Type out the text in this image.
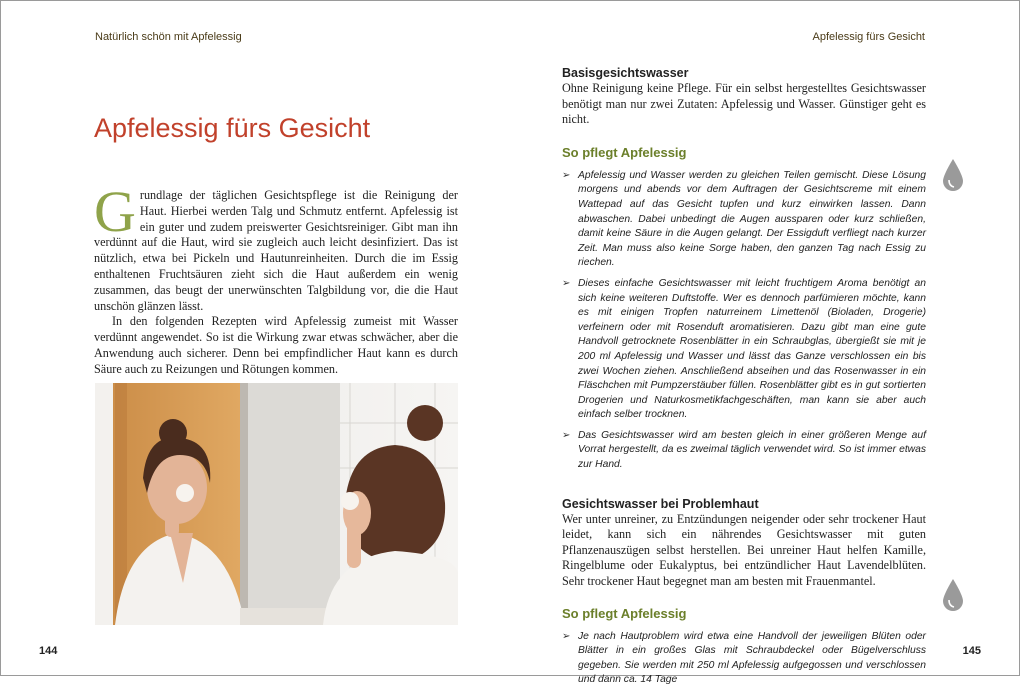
Natürlich schön mit Apfelessig	Apfelessig fürs Gesicht
Apfelessig fürs Gesicht

Grundlage der täglichen Gesichtspflege ist die Reinigung der Haut. Hierbei werden Talg und Schmutz entfernt. Apfelessig ist ein guter und zudem preiswerter Gesichtsreiniger. Gibt man ihn verdünnt auf die Haut, wird sie zugleich auch leicht desinfiziert. Das ist nützlich, etwa bei Pickeln und Hautunreinheiten. Durch die im Essig enthaltenen Fruchtsäuren zieht sich die Haut außerdem ein wenig zusammen, das beugt der unerwünschten Talgbildung vor, die die Haut unschön glänzen lässt.

In den folgenden Rezepten wird Apfelessig zumeist mit Wasser verdünnt angewendet. So ist die Wirkung zwar etwas schwächer, aber die Anwendung auch sicherer. Denn bei empfindlicher Haut kann es durch Säure auch zu Reizungen und Rötungen kommen.

144
Basisgesichtswasser

Ohne Reinigung keine Pflege. Für ein selbst hergestelltes Gesichtswasser benötigt man nur zwei Zutaten: Apfelessig und Wasser. Günstiger geht es nicht.

So pflegt Apfelessig
➢ Apfelessig und Wasser werden zu gleichen Teilen gemischt. Diese Lösung morgens und abends vor dem Auftragen der Gesichtscreme mit einem Wattepad auf das Gesicht tupfen und kurz einwirken lassen. Dann abwaschen. Dabei unbedingt die Augen aussparen oder kurz schließen, damit keine Säure in die Augen gelangt. Der Essigduft verfliegt nach kurzer Zeit. Man muss also keine Sorge haben, den ganzen Tag nach Essig zu riechen.
➢ Dieses einfache Gesichtswasser mit leicht fruchtigem Aroma benötigt an sich keine weiteren Duftstoffe. Wer es dennoch parfümieren möchte, kann es mit einigen Tropfen naturreinem Limettenöl (Bioladen, Drogerie) verfeinern oder mit Rosenduft aromatisieren. Dazu gibt man eine gute Handvoll getrocknete Rosenblätter in ein Schraubglas, übergießt sie mit je 200 ml Apfelessig und Wasser und lässt das Ganze verschlossen ein bis zwei Wochen ziehen. Anschließend abseihen und das Rosenwasser in ein Fläschchen mit Pumpzerstäuber füllen. Rosenblätter gibt es in gut sortierten Drogerien und Naturkosmetikfachgeschäften, man kann sie aber auch einfach selber trocknen.
➢ Das Gesichtswasser wird am besten gleich in einer größeren Menge auf Vorrat hergestellt, da es zweimal täglich verwendet wird. So ist immer etwas zur Hand.
Gesichtswasser bei Problemhaut

Wer unter unreiner, zu Entzündungen neigender oder sehr trockener Haut leidet, kann sich ein nährendes Gesichtswasser mit guten Pflanzenauszügen selbst herstellen. Bei unreiner Haut helfen Kamille, Ringelblume oder Eukalyptus, bei entzündlicher Haut Lavendelblüten. Sehr trockener Haut begegnet man am besten mit Frauenmantel.

So pflegt Apfelessig
➢ Je nach Hautproblem wird etwa eine Handvoll der jeweiligen Blüten oder Blätter in ein großes Glas mit Schraubdeckel oder Bügelverschluss gegeben. Sie werden mit 250 ml Apfelessig aufgegossen und verschlossen und dann ca. 14 Tage
145
